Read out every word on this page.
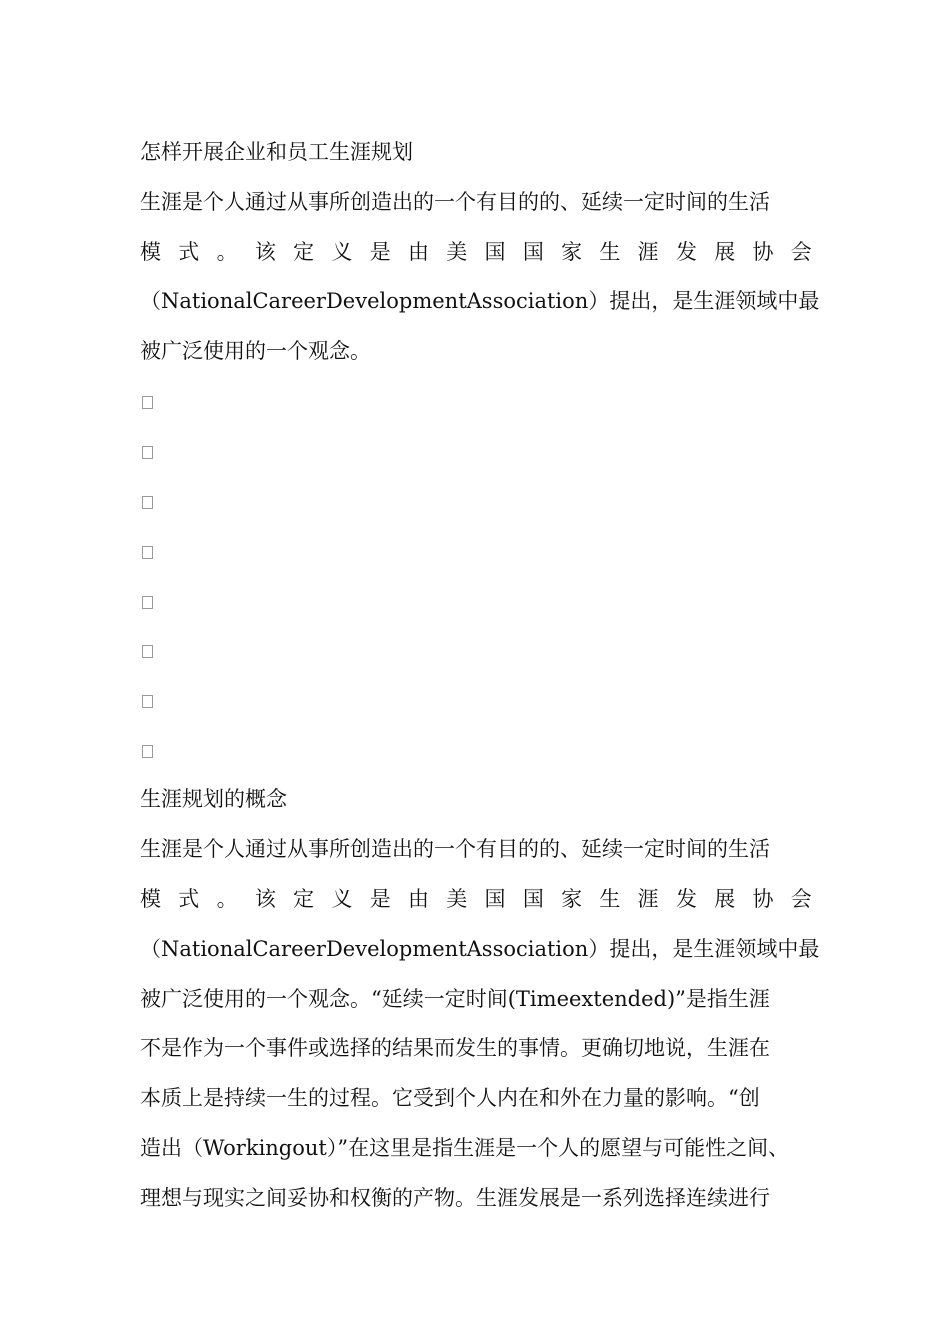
怎样开展企业和员工生涯规划
生涯是个人通过从事所创造出的一个有目的的、延续一定时间的生活
模 式 。 该 定 义 是 由 美 国 国 家 生 涯 发 展 协 会
（NationalCareerDevelopmentAssociation）提出，是生涯领域中最
被广泛使用的一个观念。
生涯规划的概念
生涯是个人通过从事所创造出的一个有目的的、延续一定时间的生活
模 式 。 该 定 义 是 由 美 国 国 家 生 涯 发 展 协 会
（NationalCareerDevelopmentAssociation）提出，是生涯领域中最
被广泛使用的一个观念。“延续一定时间(Timeextended)”是指生涯
不是作为一个事件或选择的结果而发生的事情。更确切地说，生涯在
本质上是持续一生的过程。它受到个人内在和外在力量的影响。“创
造出（Workingout）”在这里是指生涯是一个人的愿望与可能性之间、
理想与现实之间妥协和权衡的产物。生涯发展是一系列选择连续进行
